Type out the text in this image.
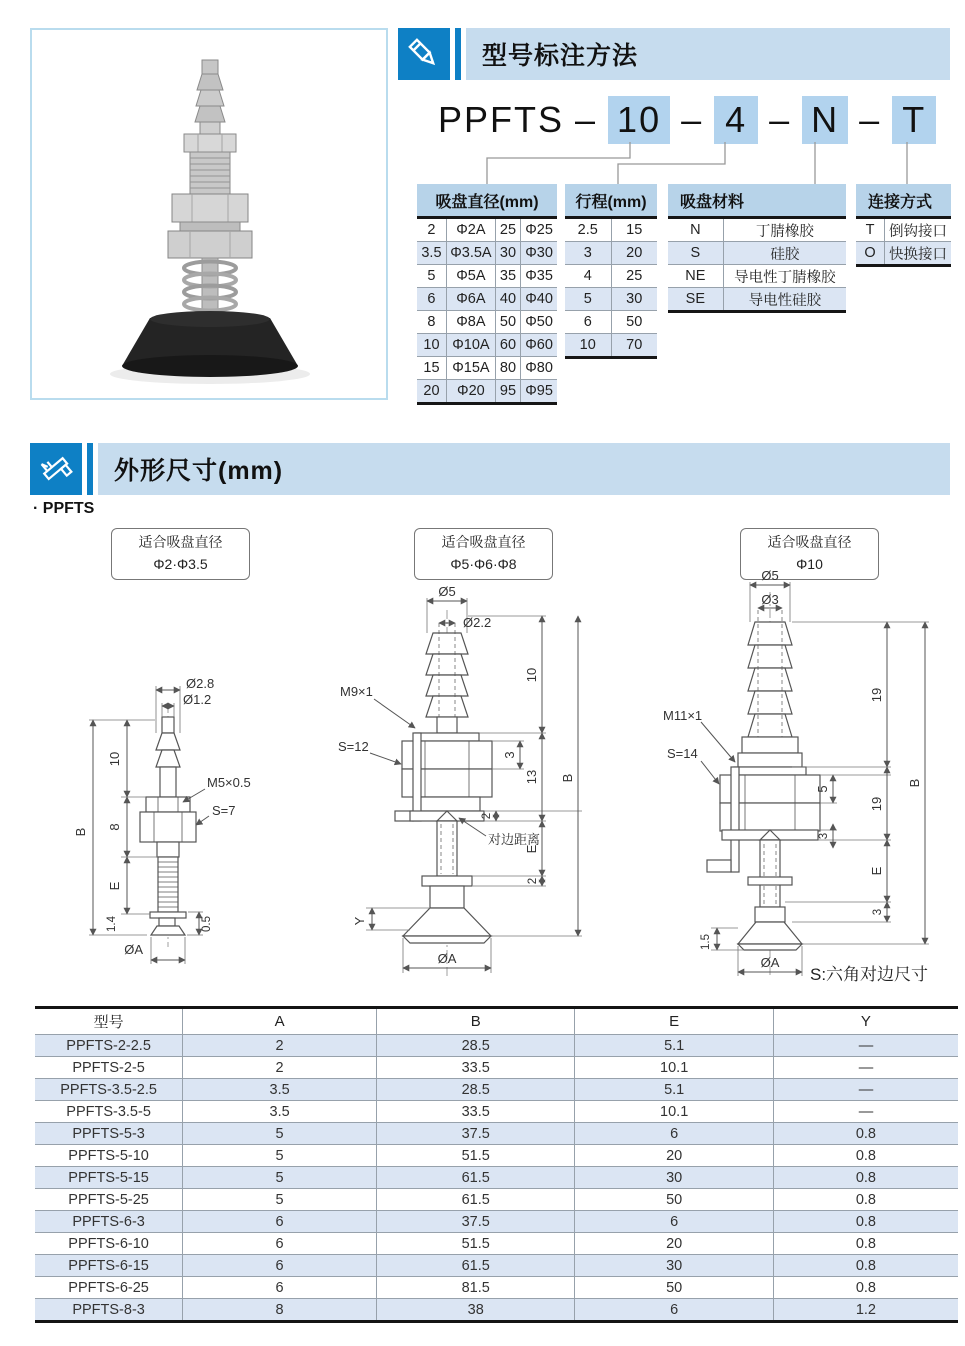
型号标注方法
PPFTS – 10 – 4 – N – T
吸盘直径(mm)
2	Φ2A	25	Φ25
3.5	Φ3.5A	30	Φ30
5	Φ5A	35	Φ35
6	Φ6A	40	Φ40
8	Φ8A	50	Φ50
10	Φ10A	60	Φ60
15	Φ15A	80	Φ80
20	Φ20	95	Φ95
行程(mm)
2.5	15
3	20
4	25
5	30
6	50
10	70
吸盘材料
N	丁腈橡胶
S	硅胶
NE	导电性丁腈橡胶
SE	导电性硅胶
连接方式
T	倒钩接口
O	快换接口
外形尺寸(mm)
· PPFTS
适合吸盘直径
Φ2·Φ3.5
适合吸盘直径
Φ5·Φ6·Φ8
适合吸盘直径
Φ10
Ø2.8
Ø1.2
B
10
8
E
1.4
M5×0.5
S=7
0.5
ØA
Ø5
Ø2.2
M9×1
S=12
10
3
13
2
E
2
B
对边距离
Y
ØA
Ø5
Ø3
M11×1
S=14
19
5
19
3
E
3
B
1.5
ØA
S:六角对边尺寸
型号	A	B	E	Y
PPFTS-2-2.5	2	28.5	5.1	—
PPFTS-2-5	2	33.5	10.1	—
PPFTS-3.5-2.5	3.5	28.5	5.1	—
PPFTS-3.5-5	3.5	33.5	10.1	—
PPFTS-5-3	5	37.5	6	0.8
PPFTS-5-10	5	51.5	20	0.8
PPFTS-5-15	5	61.5	30	0.8
PPFTS-5-25	5	61.5	50	0.8
PPFTS-6-3	6	37.5	6	0.8
PPFTS-6-10	6	51.5	20	0.8
PPFTS-6-15	6	61.5	30	0.8
PPFTS-6-25	6	81.5	50	0.8
PPFTS-8-3	8	38	6	1.2
